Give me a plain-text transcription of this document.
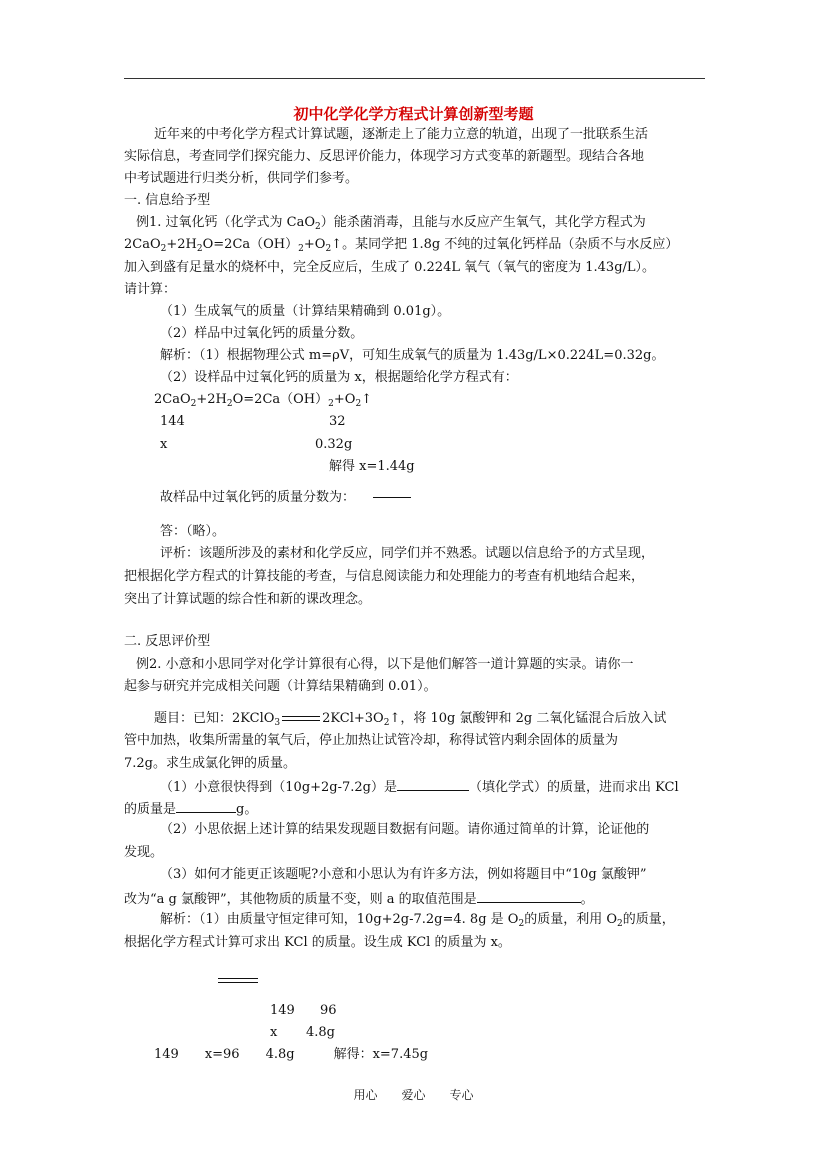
初中化学化学方程式计算创新型考题
近年来的中考化学方程式计算试题，逐渐走上了能力立意的轨道，出现了一批联系生活
实际信息，考查同学们探究能力、反思评价能力，体现学习方式变革的新题型。现结合各地
中考试题进行归类分析，供同学们参考。
一. 信息给予型
例1. 过氧化钙（化学式为 CaO$_2$）能杀菌消毒，且能与水反应产生氧气，其化学方程式为
$2CaO_2+2H_2O=2Ca(OH)_2+O_2↑$。某同学把 1.8g 不纯的过氧化钙样品（杂质不与水反应）
加入到盛有足量水的烧杯中，完全反应后，生成了 0.224L 氧气（氧气的密度为 1.43g/L）。
请计算：
（1）生成氧气的质量（计算结果精确到 0.01g）。
（2）样品中过氧化钙的质量分数。
解析：（1）根据物理公式 m=ρV，可知生成氧气的质量为 1.43g/L×0.224L=0.32g。
（2）设样品中过氧化钙的质量为 x，根据题给化学方程式有：
$2CaO_2+2H_2O=2Ca(OH)_2+O_2↑$
144	32
x	0.32g
解得 x=1.44g
故样品中过氧化钙的质量分数为：
答：（略）。
评析：该题所涉及的素材和化学反应，同学们并不熟悉。试题以信息给予的方式呈现，
把根据化学方程式的计算技能的考查，与信息阅读能力和处理能力的考查有机地结合起来，
突出了计算试题的综合性和新的课改理念。
二. 反思评价型
例2. 小意和小思同学对化学计算很有心得，以下是他们解答一道计算题的实录。请你一
起参与研究并完成相关问题（计算结果精确到 0.01）。
题目：已知：2KClO$_3$	$2KCl+3O_2↑$，将 10g 氯酸钾和 2g 二氧化锰混合后放入试
管中加热，收集所需量的氧气后，停止加热让试管冷却，称得试管内剩余固体的质量为
7.2g。求生成氯化钾的质量。
（1）小意很快得到（10g+2g-7.2g）是	（填化学式）的质量，进而求出 KCl
的质量是	g。
（2）小思依据上述计算的结果发现题目数据有问题。请你通过简单的计算，论证他的
发现。
（3）如何才能更正该题呢?小意和小思认为有许多方法，例如将题目中“10g 氯酸钾”
改为“a g 氯酸钾”，其他物质的质量不变，则 a 的取值范围是	。
解析：（1）由质量守恒定律可知，10g+2g-7.2g=4. 8g 是 $O_2$的质量，利用 $O_2$的质量，
根据化学方程式计算可求出 KCl 的质量。设生成 KCl 的质量为 x。
149 96
x 4.8g
149　　x=96　　4.8g　　　解得：x=7.45g
用心　　爱心　　专心
